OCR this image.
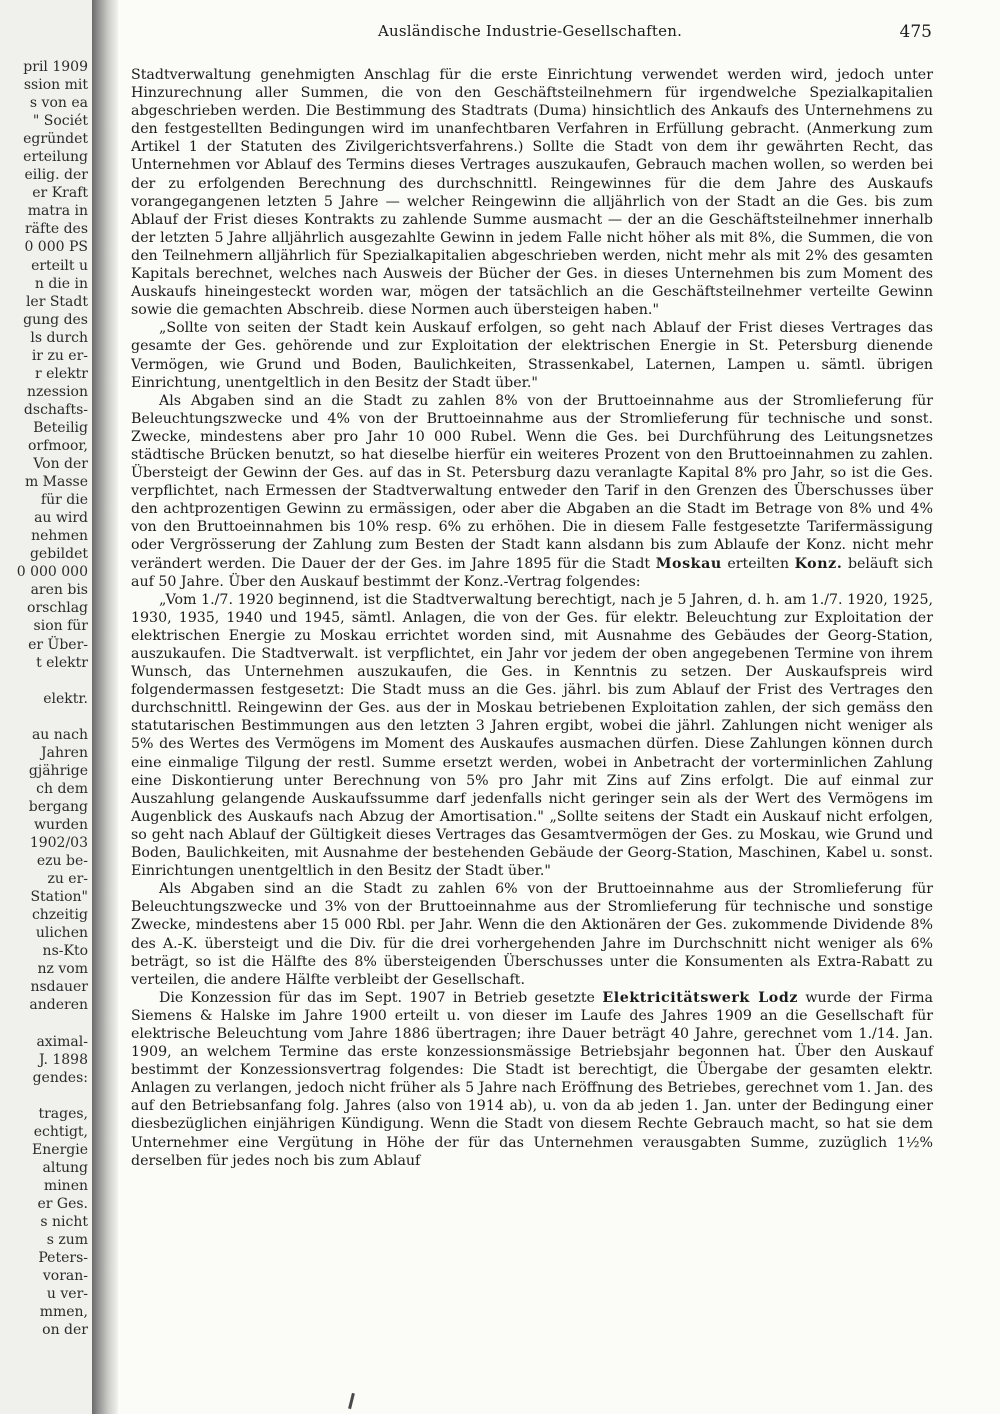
pril 1909
ssion mit
s von ea
" Sociét
egründet
erteilung
eilig. der
er Kraft
matra in
räfte des
0 000 PS
erteilt u
n die in
ler Stadt
gung des
ls durch
ir zu er-
r elektr
nzession
dschafts-
Beteilig
orfmoor,
Von der
m Masse
für die
au wird
nehmen
gebildet
0 000 000
aren bis
orschlag
sion für
er Über-
t elektr
elektr.
au nach
Jahren
gjährige
ch dem
bergang
wurden
1902/03
ezu be-
zu er-
Station"
chzeitig
ulichen
ns-Kto
nz vom
nsdauer
anderen
aximal-
J. 1898
gendes:
trages,
echtigt,
Energie
altung
minen
er Ges.
s nicht
s zum
Peters-
voran-
u ver-
mmen,
on der
Ausländische Industrie-Gesellschaften.	475

Stadtverwaltung genehmigten Anschlag für die erste Einrichtung verwendet werden wird, jedoch unter Hinzurechnung aller Summen, die von den Geschäftsteilnehmern für irgendwelche Spezialkapitalien abgeschrieben werden. Die Bestimmung des Stadtrats (Duma) hinsichtlich des Ankaufs des Unternehmens zu den festgestellten Bedingungen wird im unanfechtbaren Verfahren in Erfüllung gebracht. (Anmerkung zum Artikel 1 der Statuten des Zivilgerichtsverfahrens.) Sollte die Stadt von dem ihr gewährten Recht, das Unternehmen vor Ablauf des Termins dieses Vertrages auszukaufen, Gebrauch machen wollen, so werden bei der zu erfolgenden Berechnung des durchschnittl. Reingewinnes für die dem Jahre des Auskaufs vorangegangenen letzten 5 Jahre — welcher Reingewinn die alljährlich von der Stadt an die Ges. bis zum Ablauf der Frist dieses Kontrakts zu zahlende Summe ausmacht — der an die Geschäftsteilnehmer innerhalb der letzten 5 Jahre alljährlich ausgezahlte Gewinn in jedem Falle nicht höher als mit 8%, die Summen, die von den Teilnehmern alljährlich für Spezialkapitalien abgeschrieben werden, nicht mehr als mit 2% des gesamten Kapitals berechnet, welches nach Ausweis der Bücher der Ges. in dieses Unternehmen bis zum Moment des Auskaufs hineingesteckt worden war, mögen der tatsächlich an die Geschäftsteilnehmer verteilte Gewinn sowie die gemachten Abschreib. diese Normen auch übersteigen haben."

„Sollte von seiten der Stadt kein Auskauf erfolgen, so geht nach Ablauf der Frist dieses Vertrages das gesamte der Ges. gehörende und zur Exploitation der elektrischen Energie in St. Petersburg dienende Vermögen, wie Grund und Boden, Baulichkeiten, Strassenkabel, Laternen, Lampen u. sämtl. übrigen Einrichtung, unentgeltlich in den Besitz der Stadt über."

Als Abgaben sind an die Stadt zu zahlen 8% von der Bruttoeinnahme aus der Stromlieferung für Beleuchtungszwecke und 4% von der Bruttoeinnahme aus der Stromlieferung für technische und sonst. Zwecke, mindestens aber pro Jahr 10 000 Rubel. Wenn die Ges. bei Durchführung des Leitungsnetzes städtische Brücken benutzt, so hat dieselbe hierfür ein weiteres Prozent von den Bruttoeinnahmen zu zahlen. Übersteigt der Gewinn der Ges. auf das in St. Petersburg dazu veranlagte Kapital 8% pro Jahr, so ist die Ges. verpflichtet, nach Ermessen der Stadtverwaltung entweder den Tarif in den Grenzen des Überschusses über den achtprozentigen Gewinn zu ermässigen, oder aber die Abgaben an die Stadt im Betrage von 8% und 4% von den Bruttoeinnahmen bis 10% resp. 6% zu erhöhen. Die in diesem Falle festgesetzte Tarifermässigung oder Vergrösserung der Zahlung zum Besten der Stadt kann alsdann bis zum Ablaufe der Konz. nicht mehr verändert werden. Die Dauer der der Ges. im Jahre 1895 für die Stadt Moskau erteilten Konz. beläuft sich auf 50 Jahre. Über den Auskauf bestimmt der Konz.-Vertrag folgendes:

„Vom 1./7. 1920 beginnend, ist die Stadtverwaltung berechtigt, nach je 5 Jahren, d. h. am 1./7. 1920, 1925, 1930, 1935, 1940 und 1945, sämtl. Anlagen, die von der Ges. für elektr. Beleuchtung zur Exploitation der elektrischen Energie zu Moskau errichtet worden sind, mit Ausnahme des Gebäudes der Georg-Station, auszukaufen. Die Stadtverwalt. ist verpflichtet, ein Jahr vor jedem der oben angegebenen Termine von ihrem Wunsch, das Unternehmen auszukaufen, die Ges. in Kenntnis zu setzen. Der Auskaufspreis wird folgendermassen festgesetzt: Die Stadt muss an die Ges. jährl. bis zum Ablauf der Frist des Vertrages den durchschnittl. Reingewinn der Ges. aus der in Moskau betriebenen Exploitation zahlen, der sich gemäss den statutarischen Bestimmungen aus den letzten 3 Jahren ergibt, wobei die jährl. Zahlungen nicht weniger als 5% des Wertes des Vermögens im Moment des Auskaufes ausmachen dürfen. Diese Zahlungen können durch eine einmalige Tilgung der restl. Summe ersetzt werden, wobei in Anbetracht der vorterminlichen Zahlung eine Diskontierung unter Berechnung von 5% pro Jahr mit Zins auf Zins erfolgt. Die auf einmal zur Auszahlung gelangende Auskaufssumme darf jedenfalls nicht geringer sein als der Wert des Vermögens im Augenblick des Auskaufs nach Abzug der Amortisation." „Sollte seitens der Stadt ein Auskauf nicht erfolgen, so geht nach Ablauf der Gültigkeit dieses Vertrages das Gesamtvermögen der Ges. zu Moskau, wie Grund und Boden, Baulichkeiten, mit Ausnahme der bestehenden Gebäude der Georg-Station, Maschinen, Kabel u. sonst. Einrichtungen unentgeltlich in den Besitz der Stadt über."

Als Abgaben sind an die Stadt zu zahlen 6% von der Bruttoeinnahme aus der Stromlieferung für Beleuchtungszwecke und 3% von der Bruttoeinnahme aus der Stromlieferung für technische und sonstige Zwecke, mindestens aber 15 000 Rbl. per Jahr. Wenn die den Aktionären der Ges. zukommende Dividende 8% des A.-K. übersteigt und die Div. für die drei vorhergehenden Jahre im Durchschnitt nicht weniger als 6% beträgt, so ist die Hälfte des 8% übersteigenden Überschusses unter die Konsumenten als Extra-Rabatt zu verteilen, die andere Hälfte verbleibt der Gesellschaft.

Die Konzession für das im Sept. 1907 in Betrieb gesetzte Elektricitätswerk Lodz wurde der Firma Siemens & Halske im Jahre 1900 erteilt u. von dieser im Laufe des Jahres 1909 an die Gesellschaft für elektrische Beleuchtung vom Jahre 1886 übertragen; ihre Dauer beträgt 40 Jahre, gerechnet vom 1./14. Jan. 1909, an welchem Termine das erste konzessionsmässige Betriebsjahr begonnen hat. Über den Auskauf bestimmt der Konzessionsvertrag folgendes: Die Stadt ist berechtigt, die Übergabe der gesamten elektr. Anlagen zu verlangen, jedoch nicht früher als 5 Jahre nach Eröffnung des Betriebes, gerechnet vom 1. Jan. des auf den Betriebsanfang folg. Jahres (also von 1914 ab), u. von da ab jeden 1. Jan. unter der Bedingung einer diesbezüglichen einjährigen Kündigung. Wenn die Stadt von diesem Rechte Gebrauch macht, so hat sie dem Unternehmer eine Vergütung in Höhe der für das Unternehmen verausgabten Summe, zuzüglich 1½% derselben für jedes noch bis zum Ablauf
